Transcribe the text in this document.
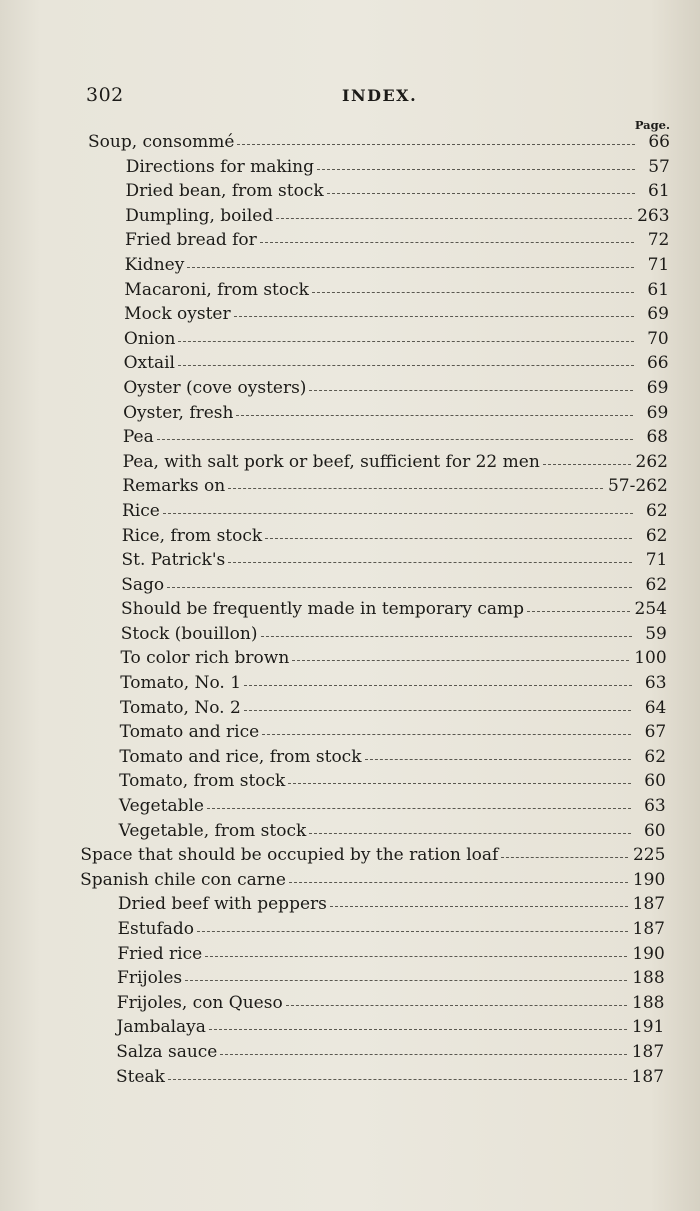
302	INDEX.
Page.
Soup, consommé	66
Directions for making	57
Dried bean, from stock	61
Dumpling, boiled	263
Fried bread for	72
Kidney	71
Macaroni, from stock	61
Mock oyster	69
Onion	70
Oxtail	66
Oyster (cove oysters)	69
Oyster, fresh	69
Pea	68
Pea, with salt pork or beef, sufficient for 22 men	262
Remarks on	57-262
Rice	62
Rice, from stock	62
St. Patrick's	71
Sago	62
Should be frequently made in temporary camp	254
Stock (bouillon)	59
To color rich brown	100
Tomato, No. 1	63
Tomato, No. 2	64
Tomato and rice	67
Tomato and rice, from stock	62
Tomato, from stock	60
Vegetable	63
Vegetable, from stock	60
Space that should be occupied by the ration loaf	225
Spanish chile con carne	190
Dried beef with peppers	187
Estufado	187
Fried rice	190
Frijoles	188
Frijoles, con Queso	188
Jambalaya	191
Salza sauce	187
Steak	187
